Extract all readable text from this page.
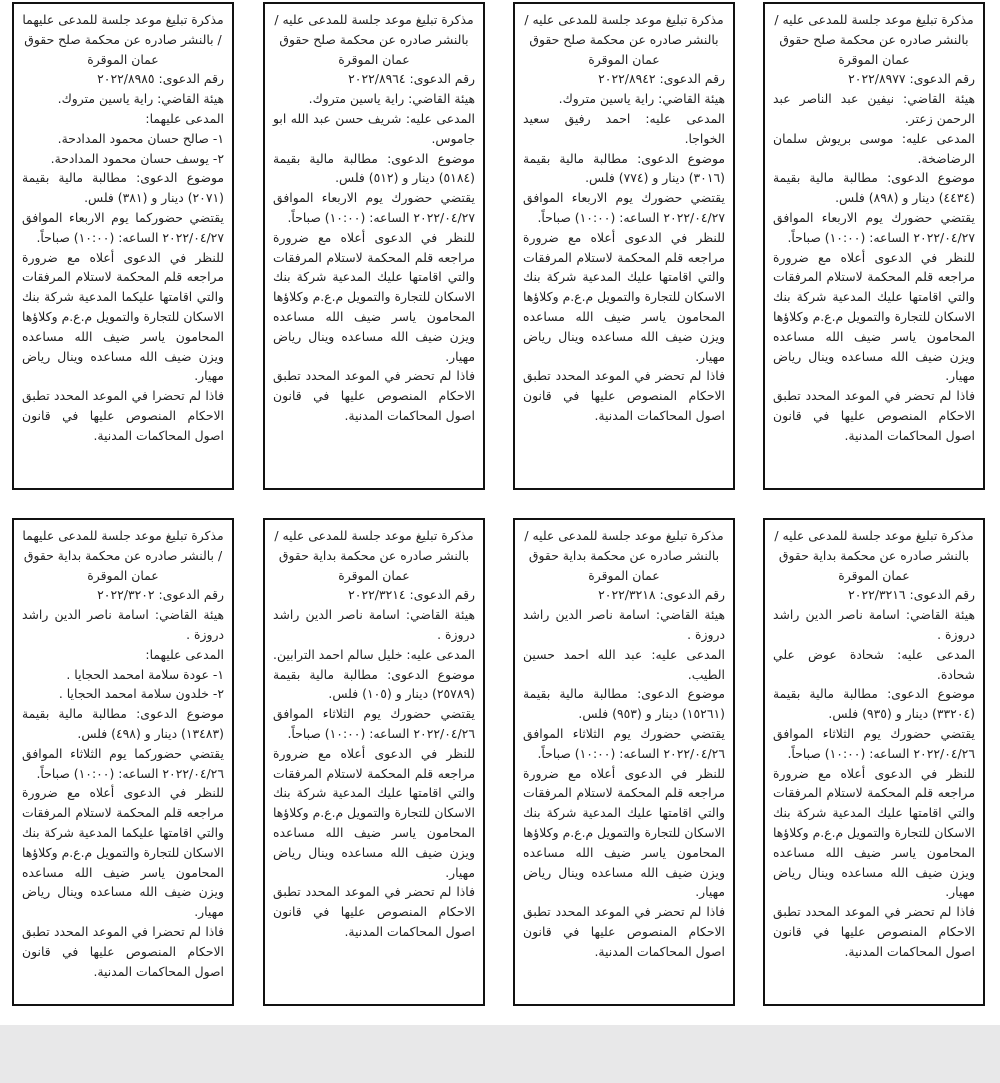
مذكرة تبليغ موعد جلسة للمدعى عليه / بالنشر صادره عن محكمة صلح حقوق عمان الموقرة

رقم الدعوى: ٢٠٢٢/٨٩٧٧

هيئة القاضي: نيفين عبد الناصر عبد الرحمن زعتر.

المدعى عليه: موسى بريوش سلمان الرضاضخة.

موضوع الدعوى: مطالبة مالية بقيمة (٤٤٣٤) دينار و (٨٩٨) فلس.

يقتضي حضورك يوم الاربعاء الموافق ٢٠٢٢/٠٤/٢٧ الساعه: (١٠:٠٠) صباحاً.

للنظر في الدعوى أعلاه مع ضرورة مراجعه قلم المحكمة لاستلام المرفقات والتي اقامتها عليك المدعية شركة بنك الاسكان للتجارة والتمويل م.ع.م وكلاؤها المحامون ياسر ضيف الله مساعده ويزن ضيف الله مساعده وينال رياض مهيار.

فاذا لم تحضر في الموعد المحدد تطبق الاحكام المنصوص عليها في قانون اصول المحاكمات المدنية.

مذكرة تبليغ موعد جلسة للمدعى عليه / بالنشر صادره عن محكمة صلح حقوق عمان الموقرة

رقم الدعوى: ٢٠٢٢/٨٩٤٢

هيئة القاضي: راية ياسين متروك.

المدعى عليه: احمد رفيق سعيد الخواجا.

موضوع الدعوى: مطالبة مالية بقيمة (٣٠١٦) دينار و (٧٧٤) فلس.

يقتضي حضورك يوم الاربعاء الموافق ٢٠٢٢/٠٤/٢٧ الساعه: (١٠:٠٠) صباحاً.

للنظر في الدعوى أعلاه مع ضرورة مراجعه قلم المحكمة لاستلام المرفقات والتي اقامتها عليك المدعية شركة بنك الاسكان للتجارة والتمويل م.ع.م وكلاؤها المحامون ياسر ضيف الله مساعده ويزن ضيف الله مساعده وينال رياض مهيار.

فاذا لم تحضر في الموعد المحدد تطبق الاحكام المنصوص عليها في قانون اصول المحاكمات المدنية.

مذكرة تبليغ موعد جلسة للمدعى عليه / بالنشر صادره عن محكمة صلح حقوق عمان الموقرة

رقم الدعوى: ٢٠٢٢/٨٩٦٤

هيئة القاضي: راية ياسين متروك.

المدعى عليه: شريف حسن عبد الله ابو جاموس.

موضوع الدعوى: مطالبة مالية بقيمة (٥١٨٤) دينار و (٥١٢) فلس.

يقتضي حضورك يوم الاربعاء الموافق ٢٠٢٢/٠٤/٢٧ الساعه: (١٠:٠٠) صباحاً.

للنظر في الدعوى أعلاه مع ضرورة مراجعه قلم المحكمة لاستلام المرفقات والتي اقامتها عليك المدعية شركة بنك الاسكان للتجارة والتمويل م.ع.م وكلاؤها المحامون ياسر ضيف الله مساعده ويزن ضيف الله مساعده وينال رياض مهيار.

فاذا لم تحضر في الموعد المحدد تطبق الاحكام المنصوص عليها في قانون اصول المحاكمات المدنية.

مذكرة تبليغ موعد جلسة للمدعى عليهما / بالنشر صادره عن محكمة صلح حقوق عمان الموقرة

رقم الدعوى: ٢٠٢٢/٨٩٨٥

هيئة القاضي: راية ياسين متروك.

المدعى عليهما:

١- صالح حسان محمود المدادحة.

٢- يوسف حسان محمود المدادحة.

موضوع الدعوى: مطالبة مالية بقيمة (٢٠٧١) دينار و (٣٨١) فلس.

يقتضي حضوركما يوم الاربعاء الموافق ٢٠٢٢/٠٤/٢٧ الساعه: (١٠:٠٠) صباحاً.

للنظر في الدعوى أعلاه مع ضرورة مراجعه قلم المحكمة لاستلام المرفقات والتي اقامتها عليكما المدعية شركة بنك الاسكان للتجارة والتمويل م.ع.م وكلاؤها المحامون ياسر ضيف الله مساعده ويزن ضيف الله مساعده وينال رياض مهيار.

فاذا لم تحضرا في الموعد المحدد تطبق الاحكام المنصوص عليها في قانون اصول المحاكمات المدنية.

مذكرة تبليغ موعد جلسة للمدعى عليه / بالنشر صادره عن محكمة بداية حقوق عمان الموقرة

رقم الدعوى: ٢٠٢٢/٣٢١٦

هيئة القاضي: اسامة ناصر الدين راشد دروزة .

المدعى عليه: شحادة عوض علي شحادة.

موضوع الدعوى: مطالبة مالية بقيمة (٣٣٢٠٤) دينار و (٩٣٥) فلس.

يقتضي حضورك يوم الثلاثاء الموافق ٢٠٢٢/٠٤/٢٦ الساعه: (١٠:٠٠) صباحاً.

للنظر في الدعوى أعلاه مع ضرورة مراجعه قلم المحكمة لاستلام المرفقات والتي اقامتها عليك المدعية شركة بنك الاسكان للتجارة والتمويل م.ع.م وكلاؤها المحامون ياسر ضيف الله مساعده ويزن ضيف الله مساعده وينال رياض مهيار.

فاذا لم تحضر في الموعد المحدد تطبق الاحكام المنصوص عليها في قانون اصول المحاكمات المدنية.

مذكرة تبليغ موعد جلسة للمدعى عليه / بالنشر صادره عن محكمة بداية حقوق عمان الموقرة

رقم الدعوى: ٢٠٢٢/٣٢١٨

هيئة القاضي: اسامة ناصر الدين راشد دروزة .

المدعى عليه: عبد الله احمد حسين الطيب.

موضوع الدعوى: مطالبة مالية بقيمة (١٥٢٦١) دينار و (٩٥٣) فلس.

يقتضي حضورك يوم الثلاثاء الموافق ٢٠٢٢/٠٤/٢٦ الساعه: (١٠:٠٠) صباحاً.

للنظر في الدعوى أعلاه مع ضرورة مراجعه قلم المحكمة لاستلام المرفقات والتي اقامتها عليك المدعية شركة بنك الاسكان للتجارة والتمويل م.ع.م وكلاؤها المحامون ياسر ضيف الله مساعده ويزن ضيف الله مساعده وينال رياض مهيار.

فاذا لم تحضر في الموعد المحدد تطبق الاحكام المنصوص عليها في قانون اصول المحاكمات المدنية.

مذكرة تبليغ موعد جلسة للمدعى عليه / بالنشر صادره عن محكمة بداية حقوق عمان الموقرة

رقم الدعوى: ٢٠٢٢/٣٢١٤

هيئة القاضي: اسامة ناصر الدين راشد دروزة .

المدعى عليه: خليل سالم احمد الترابين.

موضوع الدعوى: مطالبة مالية بقيمة (٢٥٧٨٩) دينار و (١٠٥) فلس.

يقتضي حضورك يوم الثلاثاء الموافق ٢٠٢٢/٠٤/٢٦ الساعه: (١٠:٠٠) صباحاً.

للنظر في الدعوى أعلاه مع ضرورة مراجعه قلم المحكمة لاستلام المرفقات والتي اقامتها عليك المدعية شركة بنك الاسكان للتجارة والتمويل م.ع.م وكلاؤها المحامون ياسر ضيف الله مساعده ويزن ضيف الله مساعده وينال رياض مهيار.

فاذا لم تحضر في الموعد المحدد تطبق الاحكام المنصوص عليها في قانون اصول المحاكمات المدنية.

مذكرة تبليغ موعد جلسة للمدعى عليهما / بالنشر صادره عن محكمة بداية حقوق عمان الموقرة

رقم الدعوى: ٢٠٢٢/٣٢٠٢

هيئة القاضي: اسامة ناصر الدين راشد دروزة .

المدعى عليهما:

١- عودة سلامة امحمد الحجايا .

٢- خلدون سلامة امحمد الحجايا .

موضوع الدعوى: مطالبة مالية بقيمة (١٣٤٨٣) دينار و (٤٩٨) فلس.

يقتضي حضوركما يوم الثلاثاء الموافق ٢٠٢٢/٠٤/٢٦ الساعه: (١٠:٠٠) صباحاً.

للنظر في الدعوى أعلاه مع ضرورة مراجعه قلم المحكمة لاستلام المرفقات والتي اقامتها عليكما المدعية شركة بنك الاسكان للتجارة والتمويل م.ع.م وكلاؤها المحامون ياسر ضيف الله مساعده ويزن ضيف الله مساعده وينال رياض مهيار.

فاذا لم تحضرا في الموعد المحدد تطبق الاحكام المنصوص عليها في قانون اصول المحاكمات المدنية.
